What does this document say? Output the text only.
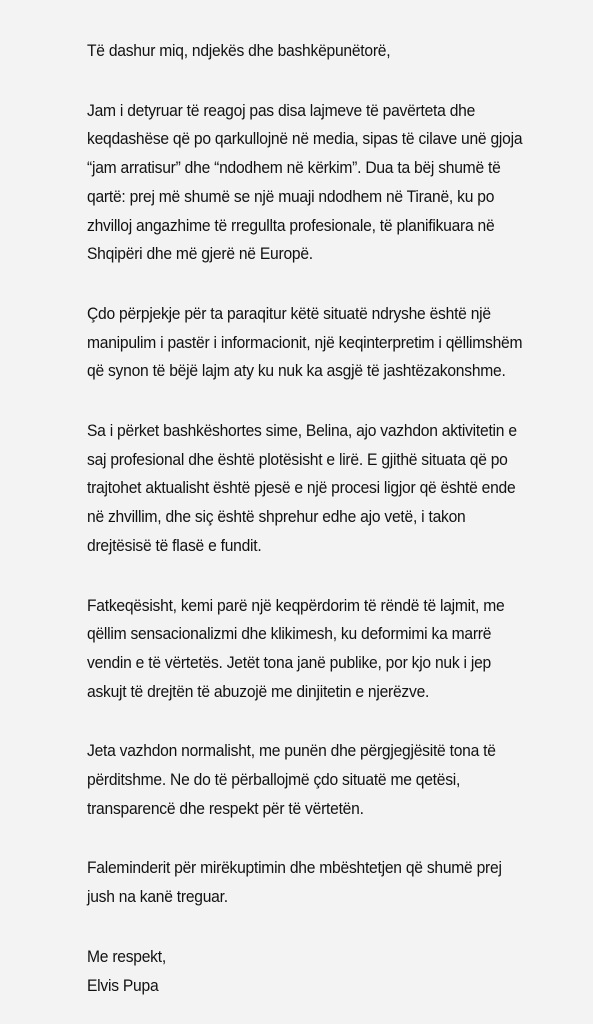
Të dashur miq, ndjekës dhe bashkëpunëtorë,

Jam i detyruar të reagoj pas disa lajmeve të pavërteta dhe keqdashëse që po qarkullojnë në media, sipas të cilave unë gjoja “jam arratisur” dhe “ndodhem në kërkim”. Dua ta bëj shumë të qartë: prej më shumë se një muaji ndodhem në Tiranë, ku po zhvilloj angazhime të rregullta profesionale, të planifikuara në Shqipëri dhe më gjerë në Europë.

Çdo përpjekje për ta paraqitur këtë situatë ndryshe është një manipulim i pastër i informacionit, një keqinterpretim i qëllimshëm që synon të bëjë lajm aty ku nuk ka asgjë të jashtëzakonshme.

Sa i përket bashkëshortes sime, Belina, ajo vazhdon aktivitetin e saj profesional dhe është plotësisht e lirë. E gjithë situata që po trajtohet aktualisht është pjesë e një procesi ligjor që është ende në zhvillim, dhe siç është shprehur edhe ajo vetë, i takon drejtësisë të flasë e fundit.

Fatkeqësisht, kemi parë një keqpërdorim të rëndë të lajmit, me qëllim sensacionalizmi dhe klikimesh, ku deformimi ka marrë vendin e të vërtetës. Jetët tona janë publike, por kjo nuk i jep askujt të drejtën të abuzojë me dinjitetin e njerëzve.

Jeta vazhdon normalisht, me punën dhe përgjegjësitë tona të përditshme. Ne do të përballojmë çdo situatë me qetësi, transparencë dhe respekt për të vërtetën.

Faleminderit për mirëkuptimin dhe mbështetjen që shumë prej jush na kanë treguar.

Me respekt,
Elvis Pupa
